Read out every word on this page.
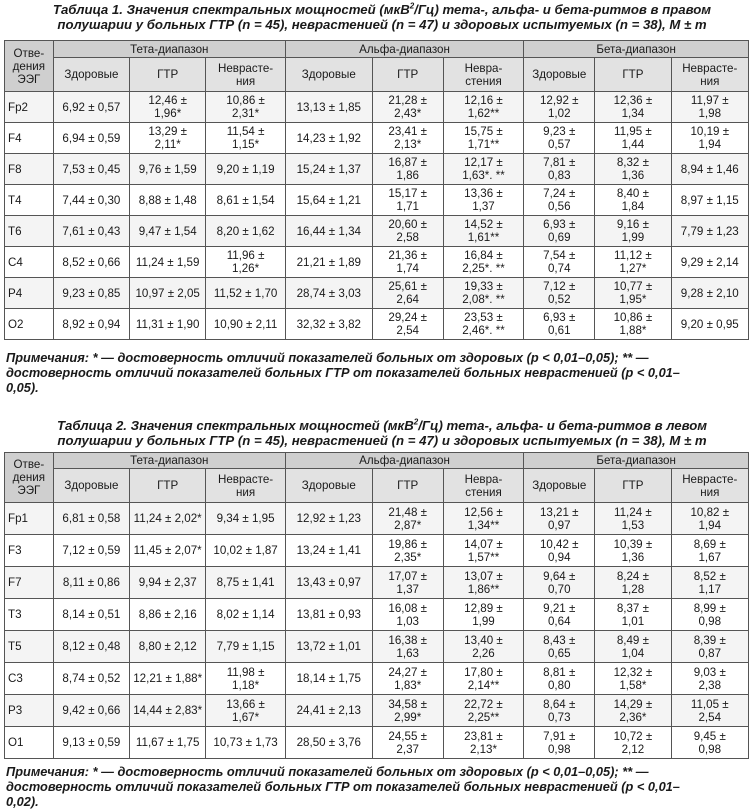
Таблица 1. Значения спектральных мощностей (мкВ$^2$/Гц) тета-, альфа- и бета-ритмов в правом
полушарии у больных ГТР (n = 45), неврастенией (n = 47) и здоровых испытуемых (n = 38), M ± m
Отве-
дения
ЭЭГ	Тета-диапазон			Альфа-диапазон			Бета-диапазон		

	Здоровые	ГТР	Неврасте-
ния	Здоровые	ГТР	Невра-
стения	Здоровые	ГТР	Невраcте-
ния

Fp2	6,92 ± 0,57	12,46 ±
1,96*	10,86 ±
2,31*	13,13 ± 1,85	21,28 ±
2,43*	12,16 ±
1,62**	12,92 ±
1,02	12,36 ±
1,34	11,97 ±
1,98

F4	6,94 ± 0,59	13,29 ±
2,11*	11,54 ±
1,15*	14,23 ± 1,92	23,41 ±
2,13*	15,75 ±
1,71**	9,23 ±
0,57	11,95 ±
1,44	10,19 ±
1,94

F8	7,53 ± 0,45	9,76 ± 1,59	9,20 ± 1,19	15,24 ± 1,37	16,87 ±
1,86	12,17 ±
1,63*. **	7,81 ±
0,83	8,32 ±
1,36	8,94 ± 1,46

T4	7,44 ± 0,30	8,88 ± 1,48	8,61 ± 1,54	15,64 ± 1,21	15,17 ±
1,71	13,36 ±
1,37	7,24 ±
0,56	8,40 ±
1,84	8,97 ± 1,15

T6	7,61 ± 0,43	9,47 ± 1,54	8,20 ± 1,62	16,44 ± 1,34	20,60 ±
2,58	14,52 ±
1,61**	6,93 ±
0,69	9,16 ±
1,99	7,79 ± 1,23

C4	8,52 ± 0,66	11,24 ± 1,59	11,96 ±
1,26*	21,21 ± 1,89	21,36 ±
1,74	16,84 ±
2,25*. **	7,54 ±
0,74	11,12 ±
1,27*	9,29 ± 2,14

P4	9,23 ± 0,85	10,97 ± 2,05	11,52 ± 1,70	28,74 ± 3,03	25,61 ±
2,64	19,33 ±
2,08*. **	7,12 ±
0,52	10,77 ±
1,95*	9,28 ± 2,10

O2	8,92 ± 0,94	11,31 ± 1,90	10,90 ± 2,11	32,32 ± 3,82	29,24 ±
2,54	23,53 ±
2,46*. **	6,93 ±
0,61	10,86 ±
1,88*	9,20 ± 0,95
Примечания: * — достоверность отличий показателей больных от здоровых (p < 0,01–0,05); ** —
достоверность отличий показателей больных ГТР от показателей больных неврастенией (p < 0,01–
0,05).
Таблица 2. Значения спектральных мощностей (мкВ$^2$/Гц) тета-, альфа- и бета-ритмов в левом
полушарии у больных ГТР (n = 45), неврастенией (n = 47) и здоровых испытуемых (n = 38), M ± m
Отве-
дения
ЭЭГ	Тета-диапазон			Альфа-диапазон			Бета-диапазон		

	Здоровые	ГТР	Неврасте-
ния	Здоровые	ГТР	Невра-
стения	Здоровые	ГТР	Неврасте-
ния

Fp1	6,81 ± 0,58	11,24 ± 2,02*	9,34 ± 1,95	12,92 ± 1,23	21,48 ±
2,87*	12,56 ±
1,34**	13,21 ±
0,97	11,24 ±
1,53	10,82 ±
1,94

F3	7,12 ± 0,59	11,45 ± 2,07*	10,02 ± 1,87	13,24 ± 1,41	19,86 ±
2,35*	14,07 ±
1,57**	10,42 ±
0,94	10,39 ±
1,36	8,69 ±
1,67

F7	8,11 ± 0,86	9,94 ± 2,37	8,75 ± 1,41	13,43 ± 0,97	17,07 ±
1,37	13,07 ±
1,86**	9,64 ±
0,70	8,24 ±
1,28	8,52 ±
1,17

T3	8,14 ± 0,51	8,86 ± 2,16	8,02 ± 1,14	13,81 ± 0,93	16,08 ±
1,03	12,89 ±
1,99	9,21 ±
0,64	8,37 ±
1,01	8,99 ±
0,98

T5	8,12 ± 0,48	8,80 ± 2,12	7,79 ± 1,15	13,72 ± 1,01	16,38 ±
1,63	13,40 ±
2,26	8,43 ±
0,65	8,49 ±
1,04	8,39 ±
0,87

C3	8,74 ± 0,52	12,21 ± 1,88*	11,98 ±
1,18*	18,14 ± 1,75	24,27 ±
1,83*	17,80 ±
2,14**	8,81 ±
0,80	12,32 ±
1,58*	9,03 ±
2,38

P3	9,42 ± 0,66	14,44 ± 2,83*	13,66 ±
1,67*	24,41 ± 2,13	34,58 ±
2,99*	22,72 ±
2,25**	8,64 ±
0,73	14,29 ±
2,36*	11,05 ±
2,54

O1	9,13 ± 0,59	11,67 ± 1,75	10,73 ± 1,73	28,50 ± 3,76	24,55 ±
2,37	23,81 ±
2,13*	7,91 ±
0,98	10,72 ±
2,12	9,45 ±
0,98
Примечания: * — достоверность отличий показателей больных от здоровых (p < 0,01–0,05); ** —
достоверность отличий показателей больных ГТР от показателей больных неврастенией (p < 0,01–
0,02).
